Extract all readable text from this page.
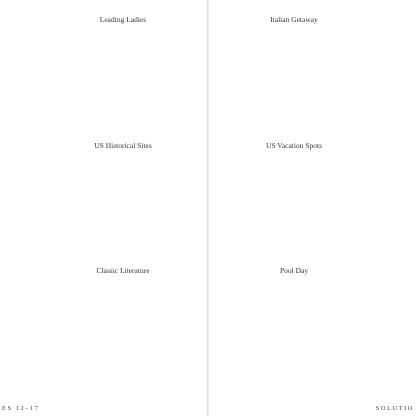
Leading Ladies
US Historical Sites
Classic Literature
ES 12–17
Italian Getaway
US Vacation Spots
Pool Day
SOLUTIO
